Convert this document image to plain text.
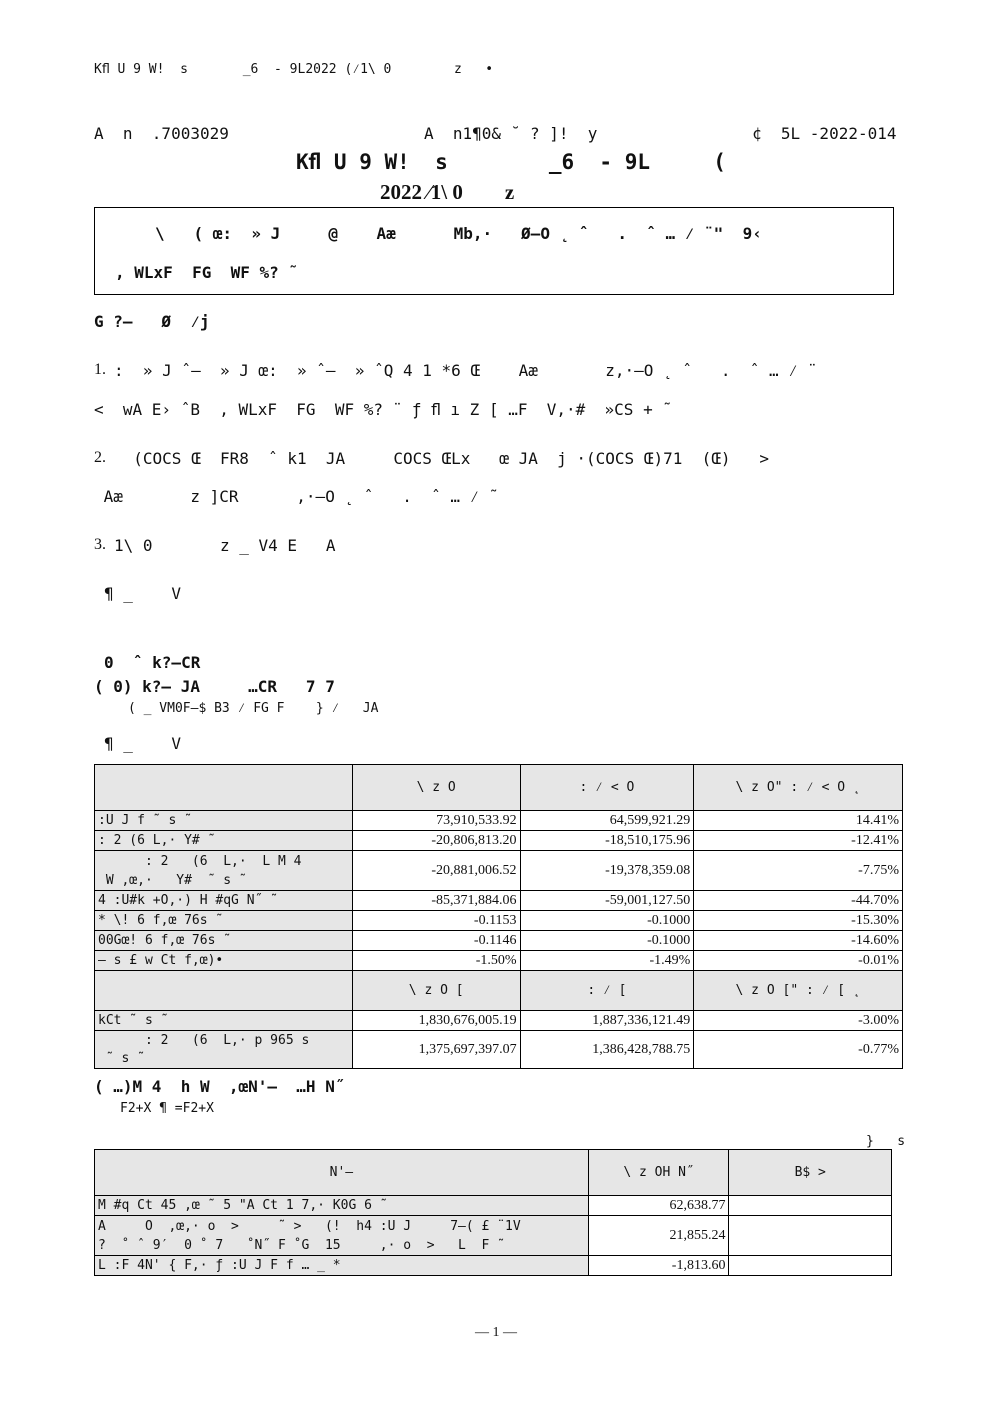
Kﬂ U 9 W!  s       _6  - 9L2022 (⁄1\ 0        z   •
A  n  .7003029	A  n1¶0& ˘ ? ]!  y	¢  5L -2022-014
Kﬂ U 9 W!  s        _6  - 9L     (
2022 ⁄1\ 0        z
\   ( œ:  » J     @    Aæ      Mb,·   Ø–O ˛ ˆ   .  ˆ … ⁄ ¨"  9‹
, WLxF  FG  WF %? ˜
G ?–   Ø  ⁄j
1. :  » J ˆ–  » J œ:  » ˆ–  » ˆQ 4 1 *6 Œ    Aæ       z,·–O ˛ ˆ   .  ˆ … ⁄ ¨
<  wA E› ˆB  , WLxF  FG  WF %? ¨ ƒ ﬂ ı Z [ …F  V,·#  »CS + ˜
2. (COCS Œ  FR8  ˆ k1  JA     COCS ŒLx   œ JA  j ·(COCS Œ)71  (Œ)   >
Aæ       z ]CR      ,·–O ˛ ˆ   .  ˆ … ⁄ ˜
3. 1\ 0       z _ V4 E   A
¶ _    V
0  ˆ k?–CR
( 0) k?– JA     …CR   7 7
( _ VM0F–$ B3 ⁄ FG F    } ⁄   JA
¶ _    V
	\ z O	: ⁄ < O	\ z O" : ⁄ < O ˛
:U J f ˜ s ˜	73,910,533.92	64,599,921.29	14.41%
: 2 (6 L,· Y# ˜	-20,806,813.20	-18,510,175.96	-12.41%
: 2   (6  L,·  L M 4
W ,œ,·   Y#  ˜ s ˜	-20,881,006.52	-19,378,359.08	-7.75%
4 :U#k +O,·) H #qG N˝ ˜	-85,371,884.06	-59,001,127.50	-44.70%
* \! 6 f,œ 76s ˜	-0.1153	-0.1000	-15.30%
00Gœ! 6 f,œ 76s ˜	-0.1146	-0.1000	-14.60%
– s £ w Ct f,œ)•	-1.50%	-1.49%	-0.01%
	\ z O [	: ⁄ [	\ z O [" : ⁄ [ ˛
kCt ˜ s ˜	1,830,676,005.19	1,887,336,121.49	-3.00%
: 2   (6  L,· p 965 s
˜ s ˜	1,375,697,397.07	1,386,428,788.75	-0.77%
( …)M 4  h W  ,œN'–  …H N˝
F2+X ¶ =F2+X
}   s
N'–	\ z OH N˝	B$ >
M #q Ct 45 ,œ ˜ 5 "A Ct 1 7,· K0G 6 ˜	62,638.77	
A     O  ,œ,· o  >     ˜ >   (!  h4 :U J     7–( £ ¨1V
?  ˚ ˆ 9′  0 ˚ 7   ˚N˝ F ˚G  15     ,· o  >   L  F ˜	21,855.24	
L :F 4N' { F,· ƒ :U J F f … _ *	-1,813.60	
— 1 —
